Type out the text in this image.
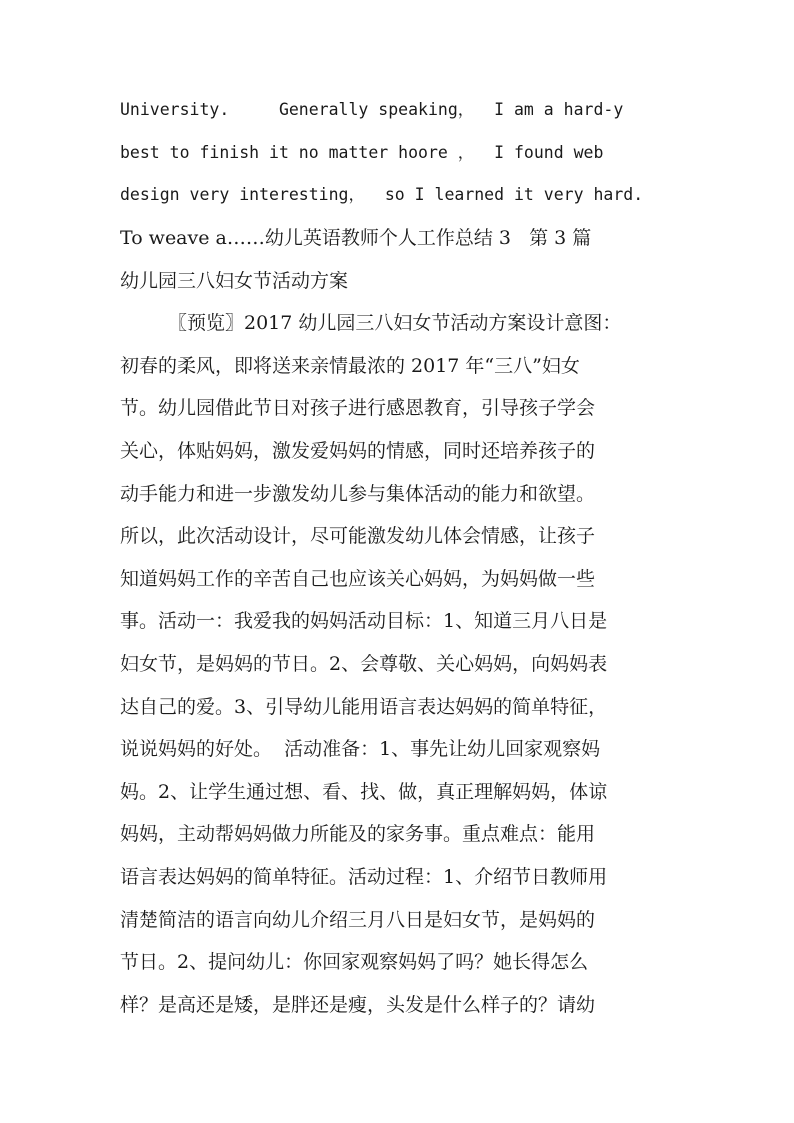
University.     Generally speaking，  I am a hard-y
best to finish it no matter hoore ，  I found web
design very interesting，  so I learned it very hard.
To weave a……幼儿英语教师个人工作总结 3   第 3 篇
幼儿园三八妇女节活动方案
〖预览〗2017 幼儿园三八妇女节活动方案设计意图：
初春的柔风，即将送来亲情最浓的 2017 年“三八”妇女
节。幼儿园借此节日对孩子进行感恩教育，引导孩子学会
关心，体贴妈妈，激发爱妈妈的情感，同时还培养孩子的
动手能力和进一步激发幼儿参与集体活动的能力和欲望。
所以，此次活动设计，尽可能激发幼儿体会情感，让孩子
知道妈妈工作的辛苦自己也应该关心妈妈，为妈妈做一些
事。活动一：我爱我的妈妈活动目标：1、知道三月八日是
妇女节，是妈妈的节日。2、会尊敬、关心妈妈，向妈妈表
达自己的爱。3、引导幼儿能用语言表达妈妈的简单特征，
说说妈妈的好处。  活动准备：1、事先让幼儿回家观察妈
妈。2、让学生通过想、看、找、做，真正理解妈妈，体谅
妈妈，主动帮妈妈做力所能及的家务事。重点难点：能用
语言表达妈妈的简单特征。活动过程：1、介绍节日教师用
清楚简洁的语言向幼儿介绍三月八日是妇女节，是妈妈的
节日。2、提问幼儿：你回家观察妈妈了吗？她长得怎么
样？是高还是矮，是胖还是瘦，头发是什么样子的？请幼
